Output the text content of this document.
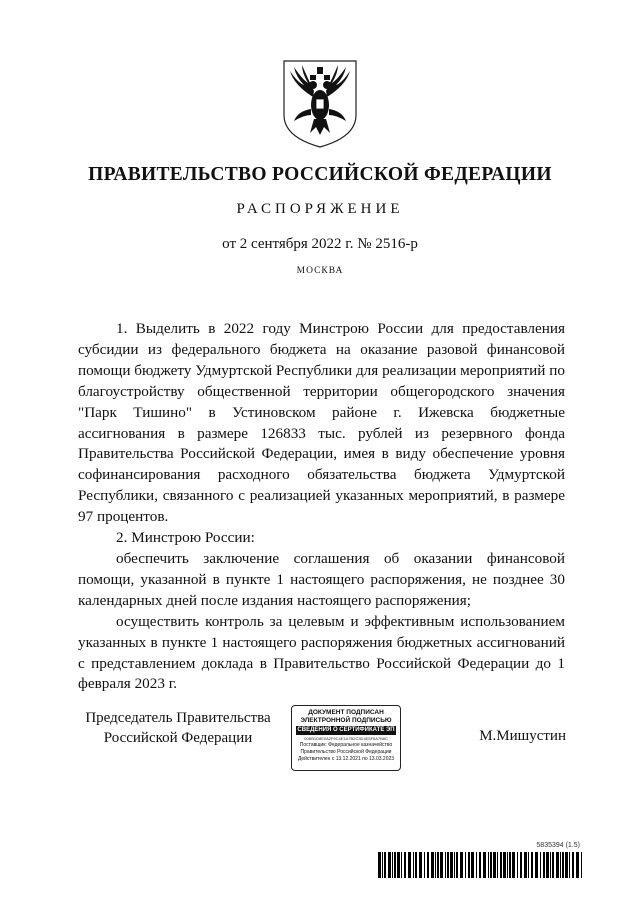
ПРАВИТЕЛЬСТВО РОССИЙСКОЙ ФЕДЕРАЦИИ
РАСПОРЯЖЕНИЕ
от 2 сентября 2022 г. № 2516-р
МОСКВА

1. Выделить в 2022 году Минстрою России для предоставления субсидии из федерального бюджета на оказание разовой финансовой помощи бюджету Удмуртской Республики для реализации мероприятий по благоустройству общественной территории общегородского значения "Парк Тишино" в Устиновском районе г. Ижевска бюджетные ассигнования в размере 126833 тыс. рублей из резервного фонда Правительства Российской Федерации, имея в виду обеспечение уровня софинансирования расходного обязательства бюджета Удмуртской Республики, связанного с реализацией указанных мероприятий, в размере 97 процентов.

2. Минстрою России:

обеспечить заключение соглашения об оказании финансовой помощи, указанной в пункте 1 настоящего распоряжения, не позднее 30 календарных дней после издания настоящего распоряжения;

осуществить контроль за целевым и эффективным использованием указанных в пункте 1 настоящего распоряжения бюджетных ассигнований с представлением доклада в Правительство Российской Федерации до 1 февраля 2023 г.

Председатель Правительства
Российской Федерации
ДОКУМЕНТ ПОДПИСАН
ЭЛЕКТРОННОЙ ПОДПИСЬЮ
СВЕДЕНИЯ О СЕРТИФИКАТЕ ЭП
00BB1D8E0A2F9C4E1A7B2C3D4E5F6A7B8C
Поставщик: Федеральное казначейство
Правительство Российской Федерации
Действителен с 13.12.2021 по 13.03.2023
М.Мишустин
5835394 (1.5)
